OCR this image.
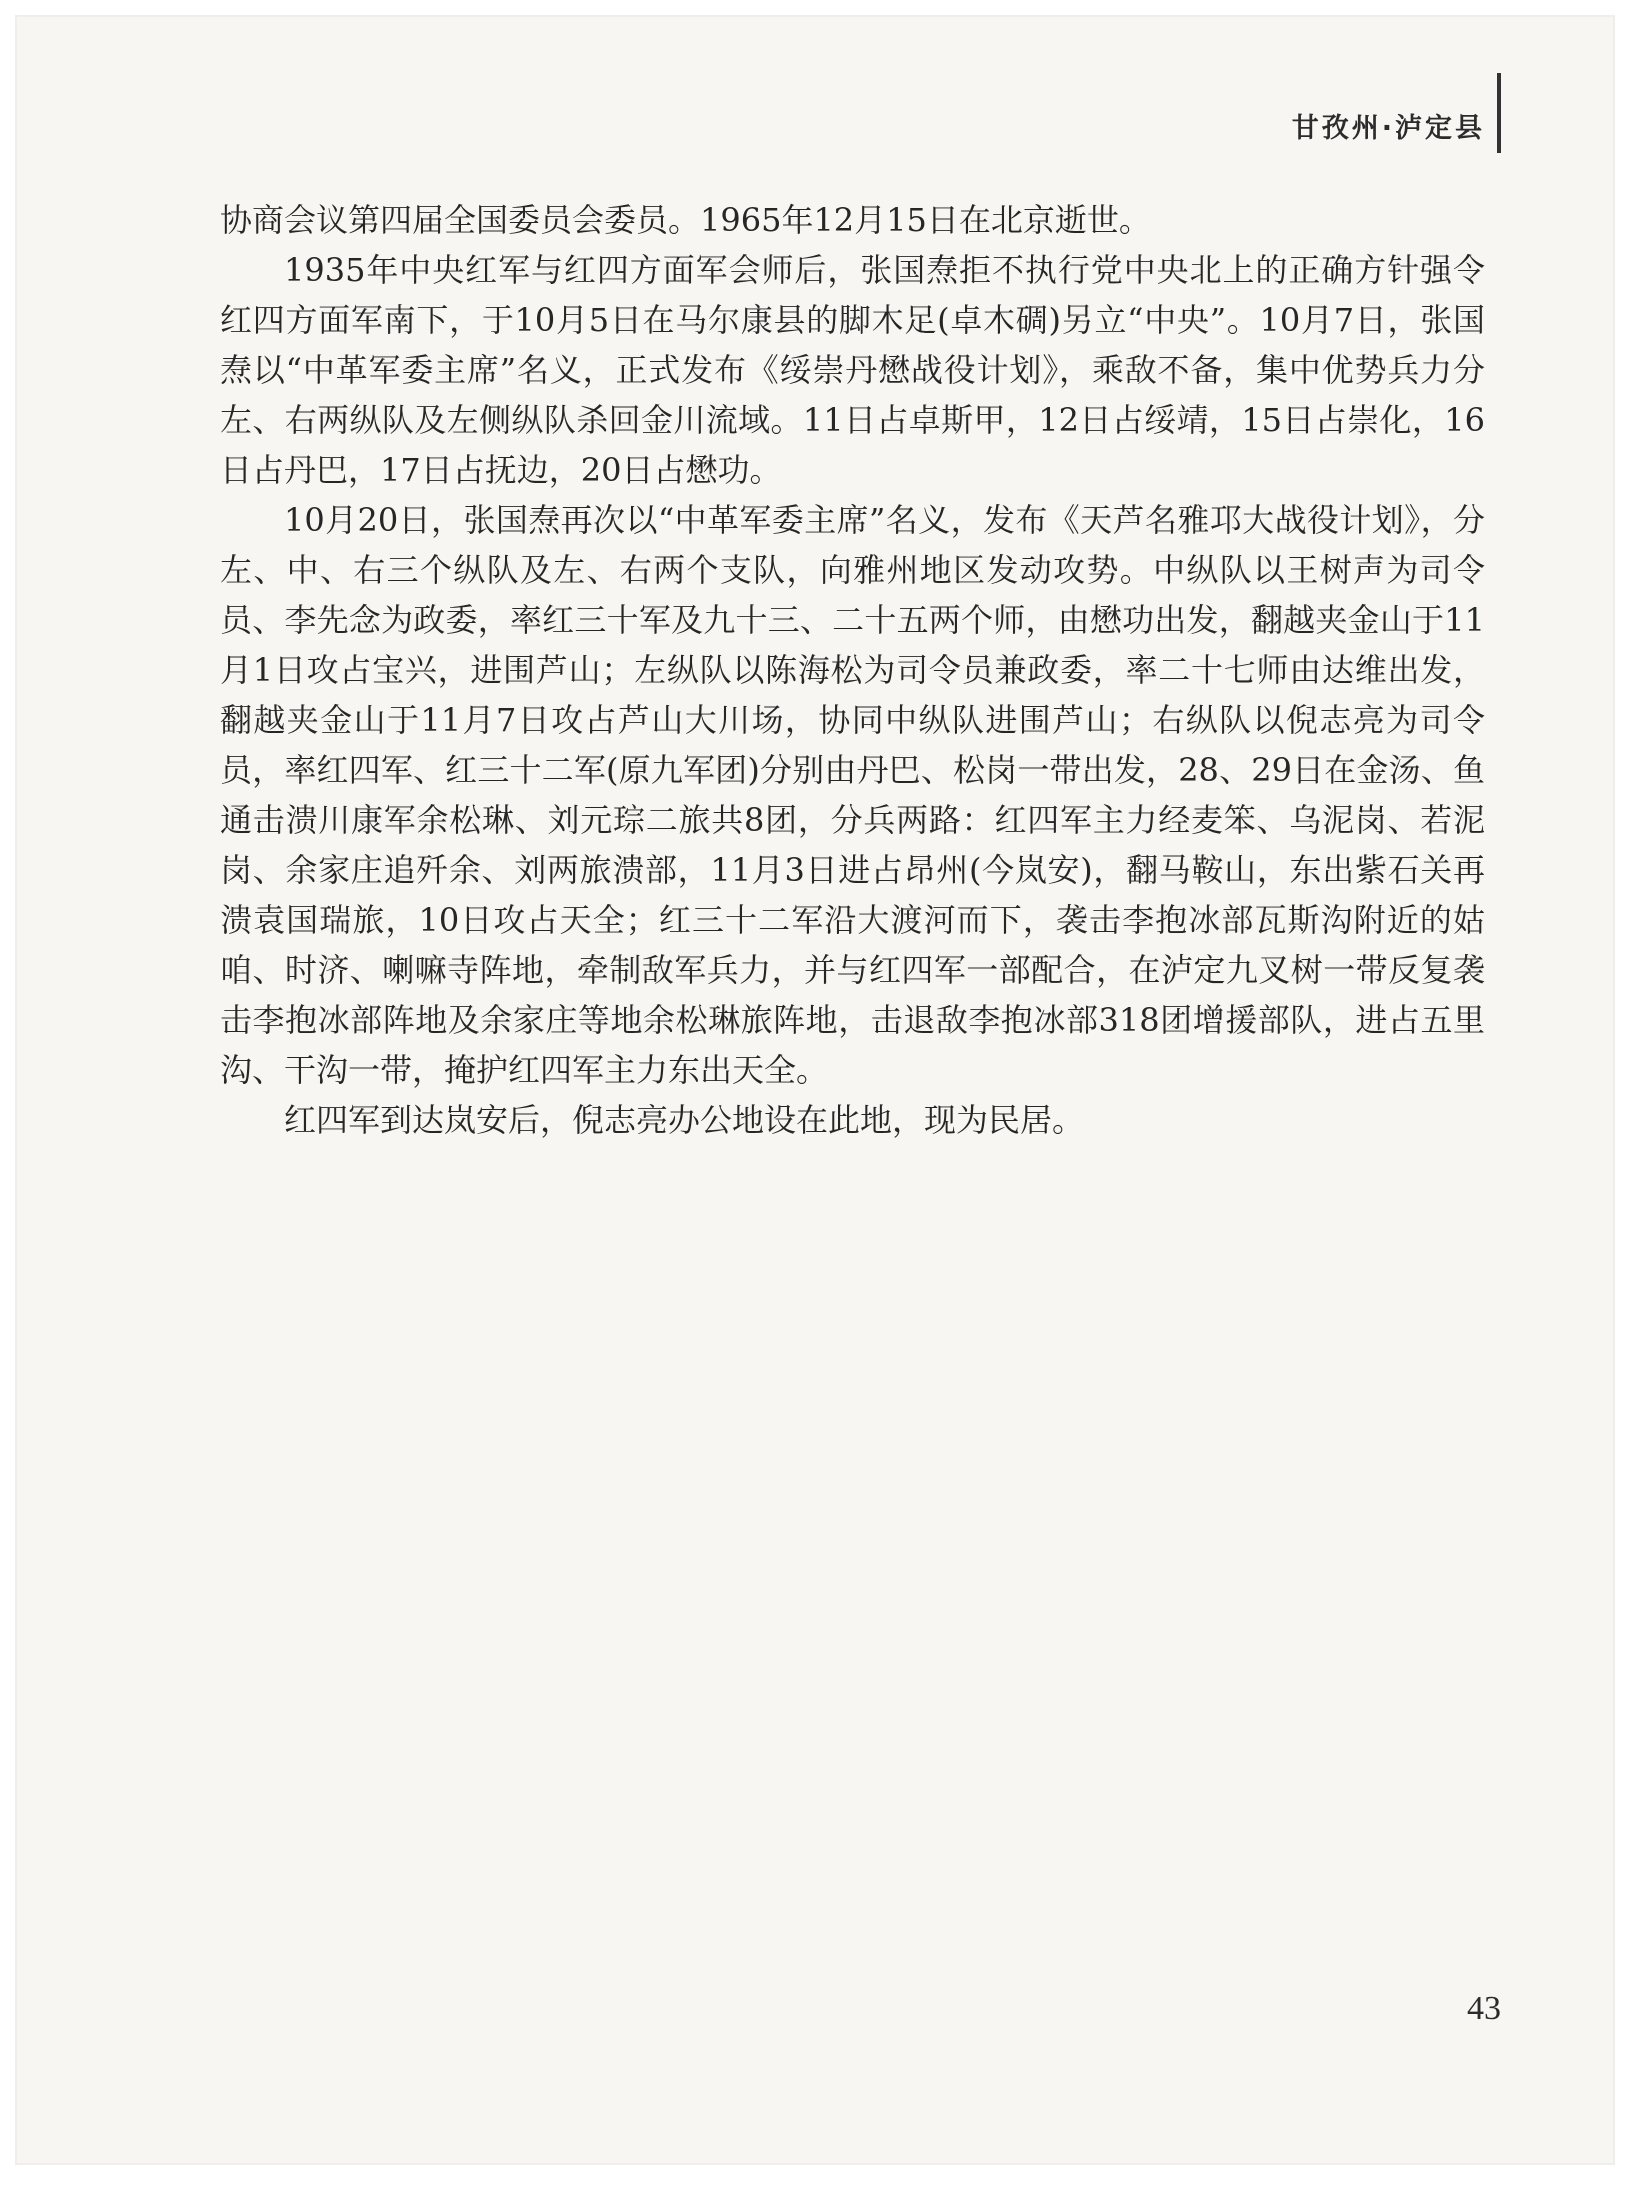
甘孜州·泸定县

协商会议第四届全国委员会委员。1965年12月15日在北京逝世。

1935年中央红军与红四方面军会师后，张国焘拒不执行党中央北上的正确方针强令红四方面军南下，于10月5日在马尔康县的脚木足(卓木碉)另立“中央”。10月7日，张国焘以“中革军委主席”名义，正式发布《绥崇丹懋战役计划》，乘敌不备，集中优势兵力分左、右两纵队及左侧纵队杀回金川流域。11日占卓斯甲，12日占绥靖，15日占崇化，16日占丹巴，17日占抚边，20日占懋功。

10月20日，张国焘再次以“中革军委主席”名义，发布《天芦名雅邛大战役计划》，分左、中、右三个纵队及左、右两个支队，向雅州地区发动攻势。中纵队以王树声为司令员、李先念为政委，率红三十军及九十三、二十五两个师，由懋功出发，翻越夹金山于11月1日攻占宝兴，进围芦山；左纵队以陈海松为司令员兼政委，率二十七师由达维出发，翻越夹金山于11月7日攻占芦山大川场，协同中纵队进围芦山；右纵队以倪志亮为司令员，率红四军、红三十二军(原九军团)分别由丹巴、松岗一带出发，28、29日在金汤、鱼通击溃川康军余松琳、刘元琮二旅共8团，分兵两路：红四军主力经麦笨、乌泥岗、若泥岗、余家庄追歼余、刘两旅溃部，11月3日进占昂州(今岚安)，翻马鞍山，东出紫石关再溃袁国瑞旅，10日攻占天全；红三十二军沿大渡河而下，袭击李抱冰部瓦斯沟附近的姑咱、时济、喇嘛寺阵地，牵制敌军兵力，并与红四军一部配合，在泸定九叉树一带反复袭击李抱冰部阵地及余家庄等地余松琳旅阵地，击退敌李抱冰部318团增援部队，进占五里沟、干沟一带，掩护红四军主力东出天全。

红四军到达岚安后，倪志亮办公地设在此地，现为民居。

43
